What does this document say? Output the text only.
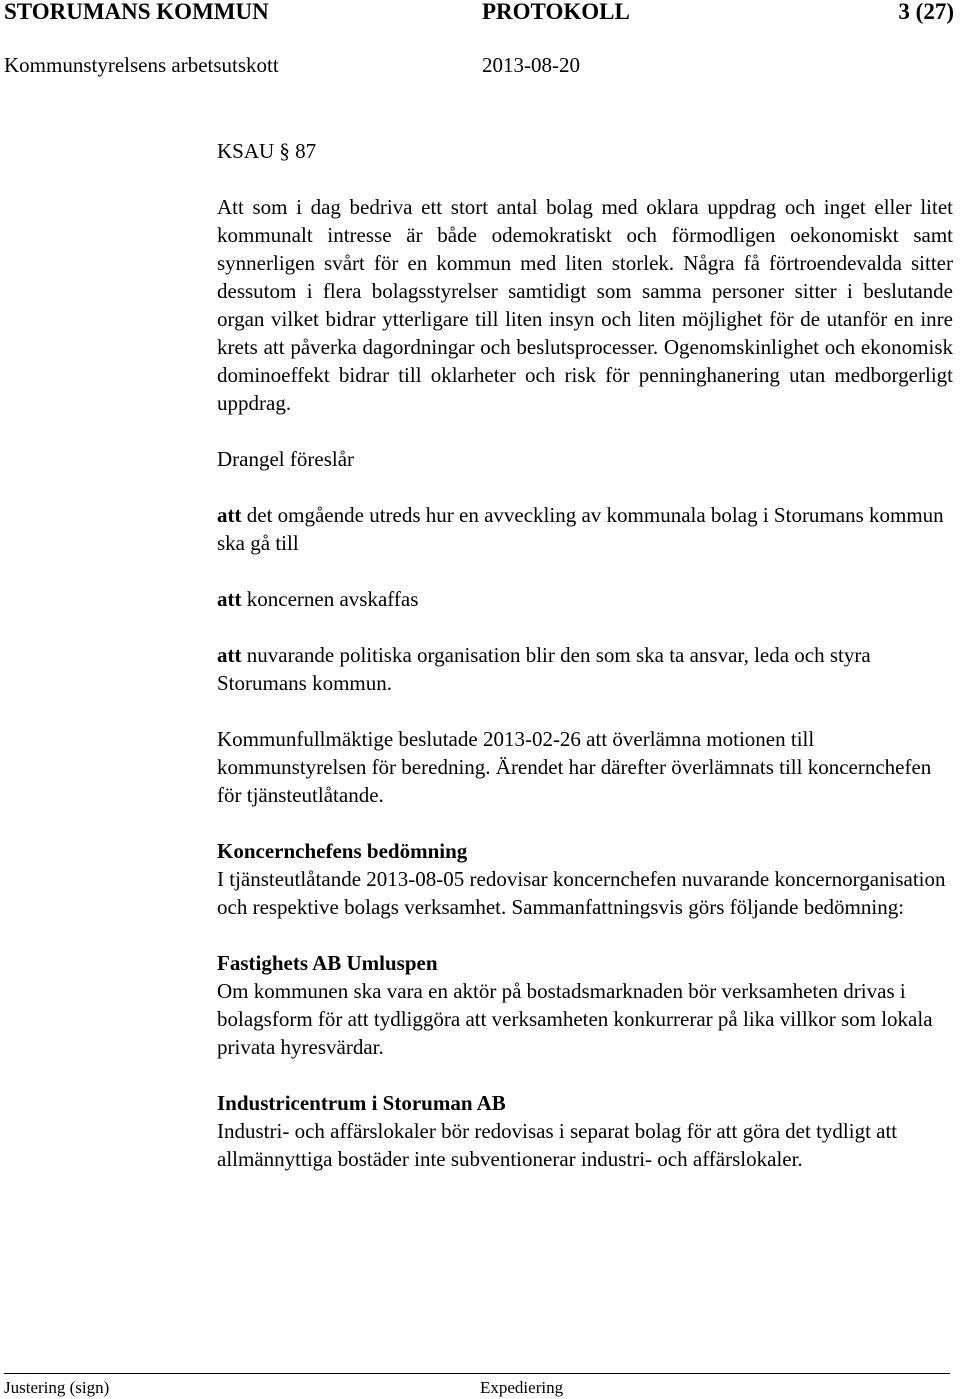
STORUMANS KOMMUN	PROTOKOLL	3 (27)
Kommunstyrelsens arbetsutskott	2013-08-20

KSAU § 87

Att som i dag bedriva ett stort antal bolag med oklara uppdrag och inget eller litet kommunalt intresse är både odemokratiskt och förmodligen oekonomiskt samt synnerligen svårt för en kommun med liten storlek. Några få förtroendevalda sitter dessutom i flera bolagsstyrelser samtidigt som samma personer sitter i beslutande organ vilket bidrar ytterligare till liten insyn och liten möjlighet för de utanför en inre krets att påverka dagordningar och beslutsprocesser. Ogenomskinlighet och ekonomisk dominoeffekt bidrar till oklarheter och risk för penninghanering utan medborgerligt uppdrag.

Drangel föreslår

att det omgående utreds hur en avveckling av kommunala bolag i Storumans kommun ska gå till

att koncernen avskaffas

att nuvarande politiska organisation blir den som ska ta ansvar, leda och styra Storumans kommun.

Kommunfullmäktige beslutade 2013-02-26 att överlämna motionen till kommunstyrelsen för beredning. Ärendet har därefter överlämnats till koncernchefen för tjänsteutlåtande.

Koncernchefens bedömning

I tjänsteutlåtande 2013-08-05 redovisar koncernchefen nuvarande koncernorganisation och respektive bolags verksamhet. Sammanfattningsvis görs följande bedömning:

Fastighets AB Umluspen

Om kommunen ska vara en aktör på bostadsmarknaden bör verksamheten drivas i bolagsform för att tydliggöra att verksamheten konkurrerar på lika villkor som lokala privata hyresvärdar.

Industricentrum i Storuman AB

Industri- och affärslokaler bör redovisas i separat bolag för att göra det tydligt att allmännyttiga bostäder inte subventionerar industri- och affärslokaler.

Justering (sign)	Expediering
